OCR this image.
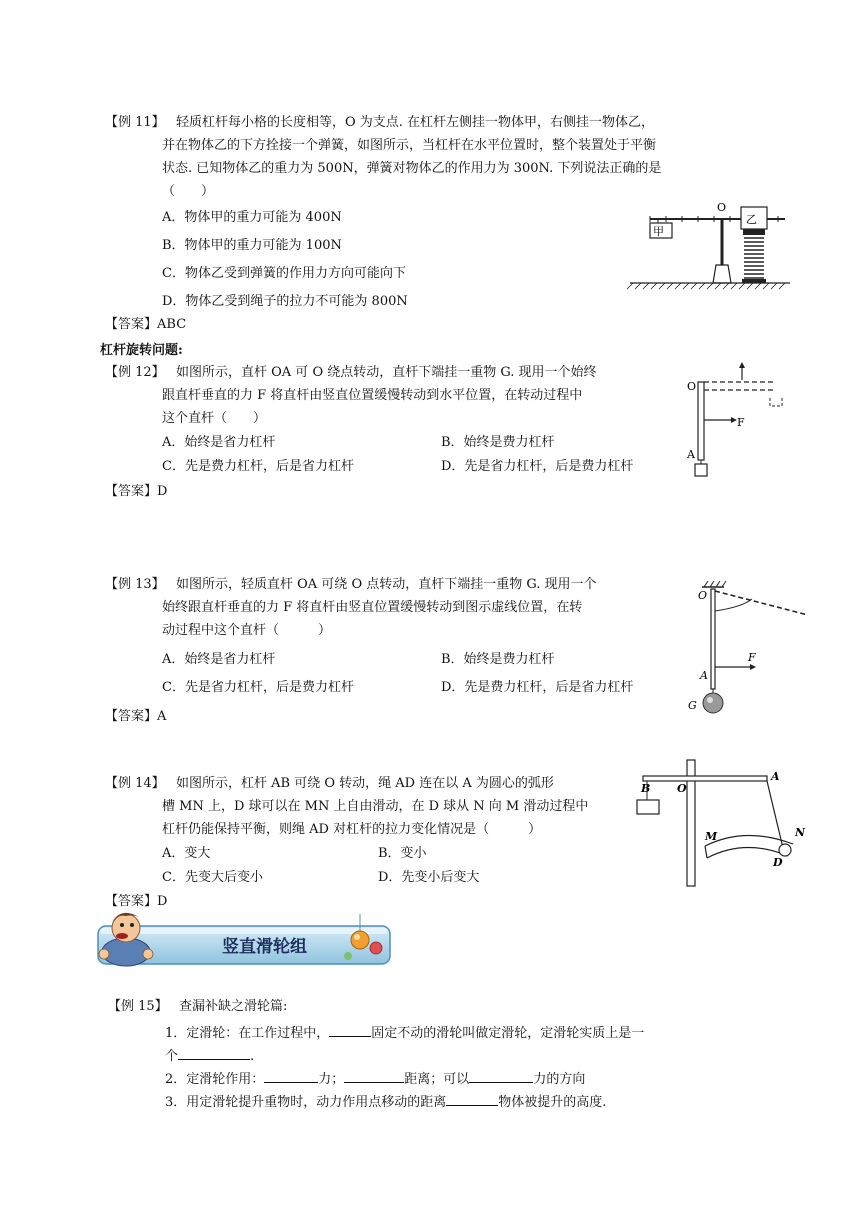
【例 11】 轻质杠杆每小格的长度相等，O 为支点. 在杠杆左侧挂一物体甲，右侧挂一物体乙，
并在物体乙的下方拴接一个弹簧，如图所示，当杠杆在水平位置时，整个装置处于平衡
状态. 已知物体乙的重力为 500N，弹簧对物体乙的作用力为 300N. 下列说法正确的是
（　　）
A．物体甲的重力可能为 400N
B．物体甲的重力可能为 100N
C．物体乙受到弹簧的作用力方向可能向下
D．物体乙受到绳子的拉力不可能为 800N
【答案】ABC
O
甲
乙
杠杆旋转问题:
【例 12】 如图所示，直杆 OA 可 O 绕点转动，直杆下端挂一重物 G. 现用一个始终
跟直杆垂直的力 F 将直杆由竖直位置缓慢转动到水平位置，在转动过程中
这个直杆（　　）
A．始终是省力杠杆	B．始终是费力杠杆
C．先是费力杠杆，后是省力杠杆	D．先是省力杠杆，后是费力杠杆
【答案】D
O
F
A
【例 13】 如图所示，轻质直杆 OA 可绕 O 点转动，直杆下端挂一重物 G. 现用一个
始终跟直杆垂直的力 F 将直杆由竖直位置缓慢转动到图示虚线位置，在转
动过程中这个直杆（　　　）
A．始终是省力杠杆	B．始终是费力杠杆
C．先是省力杠杆，后是费力杠杆	D．先是费力杠杆，后是省力杠杆
【答案】A
O
F
A
G
【例 14】 如图所示，杠杆 AB 可绕 O 转动，绳 AD 连在以 A 为圆心的弧形
槽 MN 上，D 球可以在 MN 上自由滑动，在 D 球从 N 向 M 滑动过程中
杠杆仍能保持平衡，则绳 AD 对杠杆的拉力变化情况是（　　　）
A．变大	B．变小
C．先变大后变小	D．先变小后变大
【答案】D
B
A
O
M	N
D
竖直滑轮组
【例 15】 查漏补缺之滑轮篇:
1．定滑轮：在工作过程中，	固定不动的滑轮叫做定滑轮，定滑轮实质上是一
个	.
2．定滑轮作用：	力；	距离；可以	力的方向
3．用定滑轮提升重物时，动力作用点移动的距离	物体被提升的高度.
